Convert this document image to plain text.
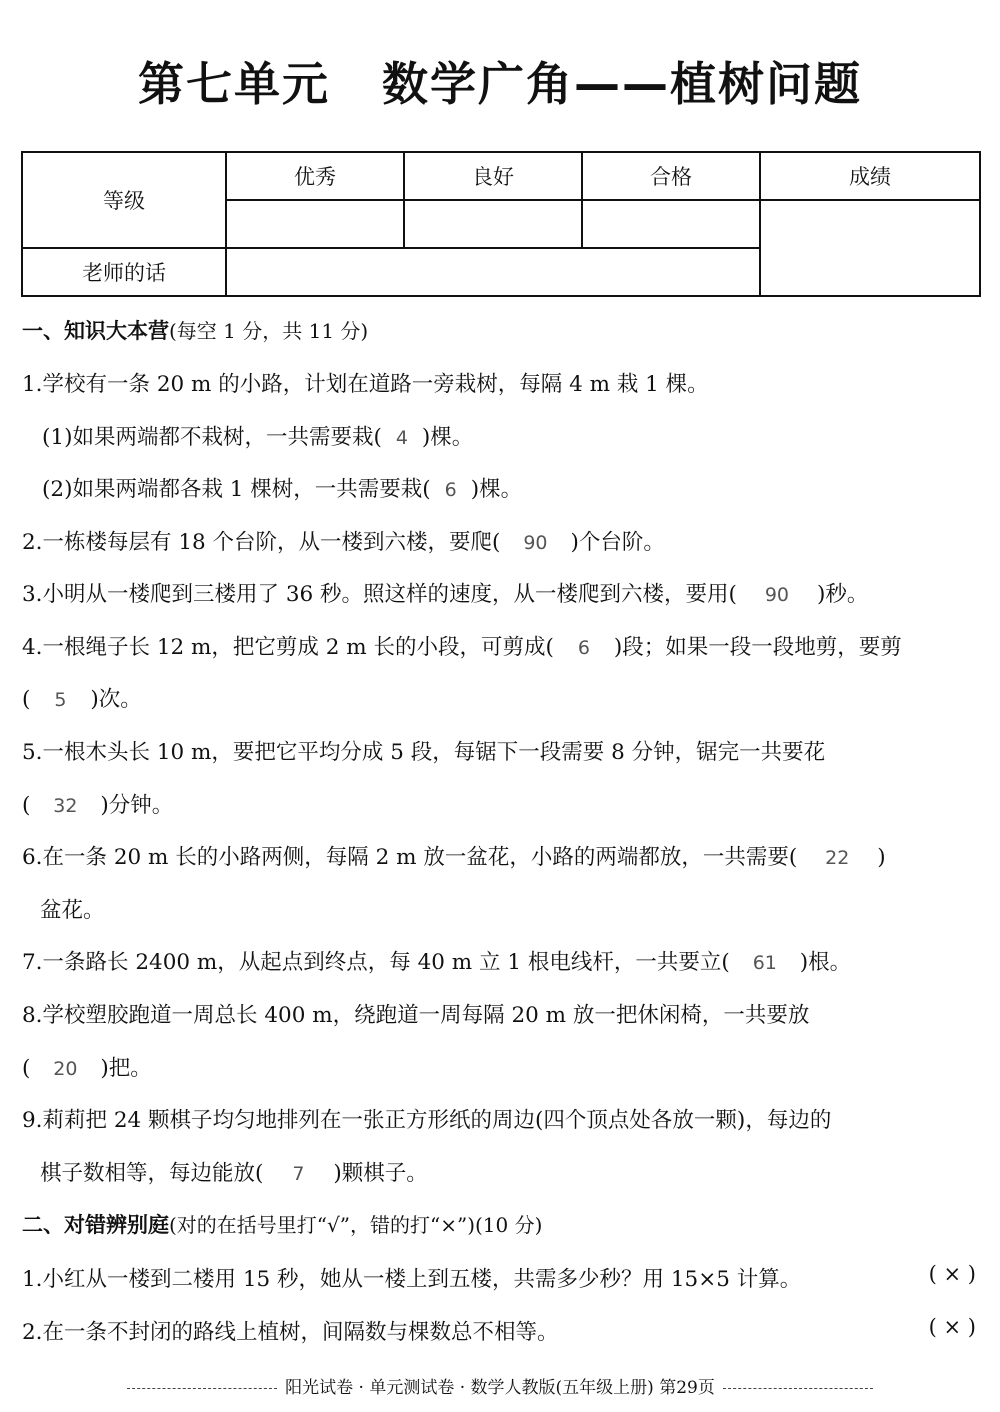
第七单元 数学广角——植树问题
等级	优秀	良好	合格	成绩

老师的话				
一、知识大本营(每空 1 分，共 11 分)
1.学校有一条 20 m 的小路，计划在道路一旁栽树，每隔 4 m 栽 1 棵。
(1)如果两端都不栽树，一共需要栽( 4 )棵。
(2)如果两端都各栽 1 棵树，一共需要栽( 6 )棵。
2.一栋楼每层有 18 个台阶，从一楼到六楼，要爬( 90 )个台阶。
3.小明从一楼爬到三楼用了 36 秒。照这样的速度，从一楼爬到六楼，要用( 90 )秒。
4.一根绳子长 12 m，把它剪成 2 m 长的小段，可剪成( 6 )段；如果一段一段地剪，要剪
( 5 )次。
5.一根木头长 10 m，要把它平均分成 5 段，每锯下一段需要 8 分钟，锯完一共要花
( 32 )分钟。
6.在一条 20 m 长的小路两侧，每隔 2 m 放一盆花，小路的两端都放，一共需要( 22 )
盆花。
7.一条路长 2400 m，从起点到终点，每 40 m 立 1 根电线杆，一共要立( 61 )根。
8.学校塑胶跑道一周总长 400 m，绕跑道一周每隔 20 m 放一把休闲椅，一共要放
( 20 )把。
9.莉莉把 24 颗棋子均匀地排列在一张正方形纸的周边(四个顶点处各放一颗)，每边的
棋子数相等，每边能放( 7 )颗棋子。
二、对错辨别庭(对的在括号里打“√”，错的打“×”)(10 分)
1.小红从一楼到二楼用 15 秒，她从一楼上到五楼，共需多少秒？用 15×5 计算。	( × )
2.在一条不封闭的路线上植树，间隔数与棵数总不相等。	( × )
阳光试卷 · 单元测试卷 · 数学人教版(五年级上册) 第29页
